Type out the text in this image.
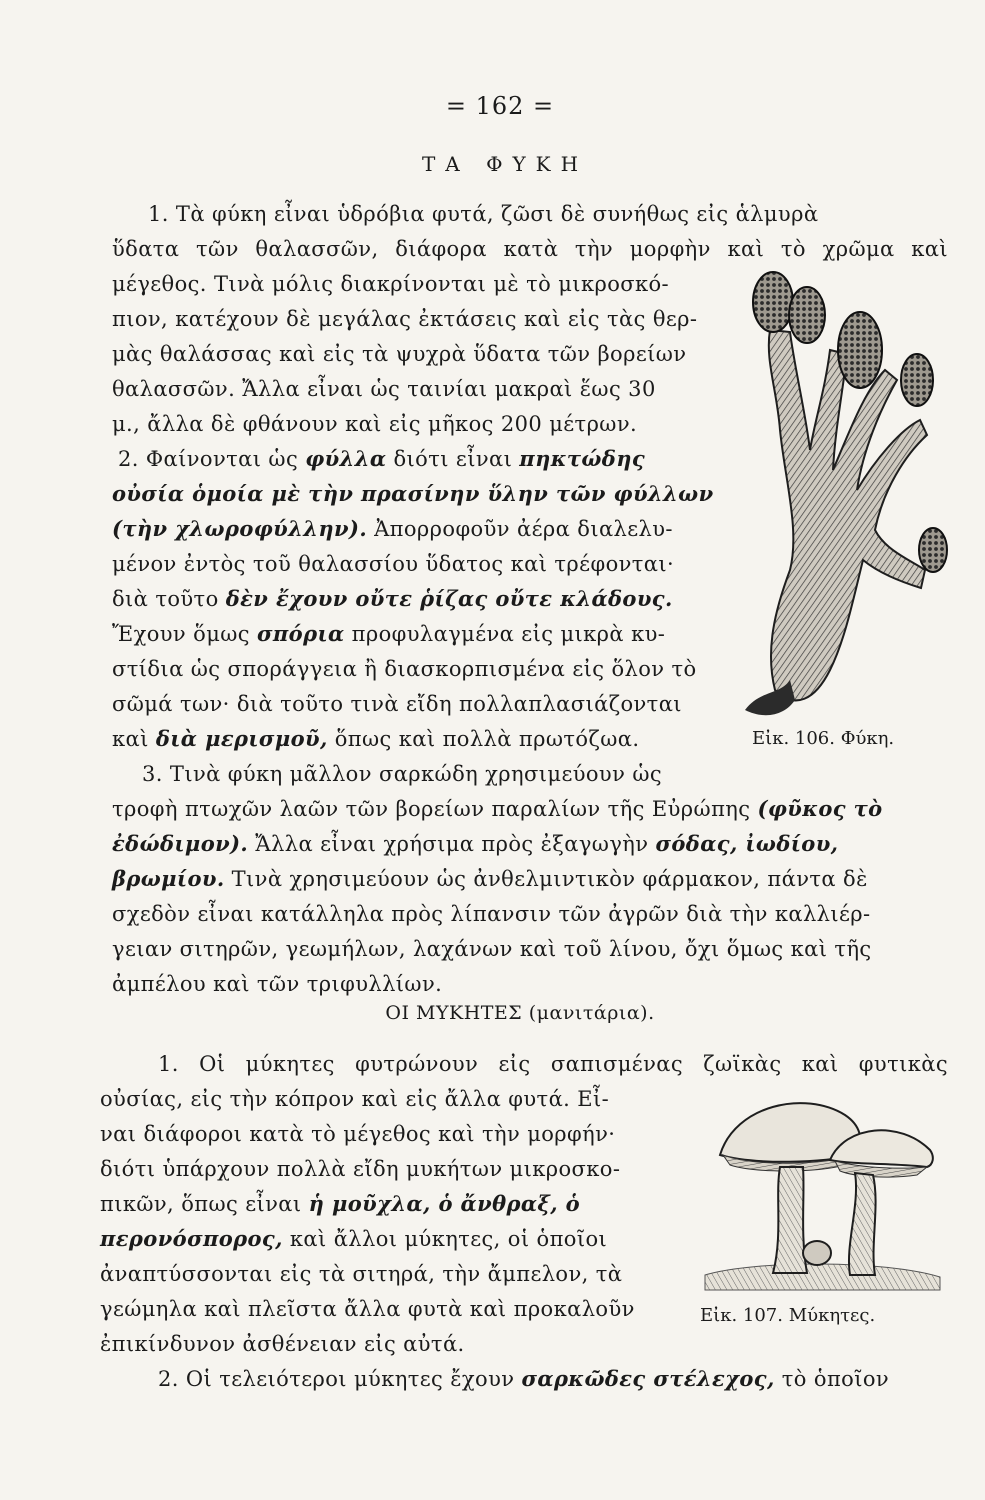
= 162 =
ΤΑ ΦΥΚΗ

1. Τὰ φύκη εἶναι ὑδρόβια φυτά, ζῶσι δὲ συνήθως εἰς ἁλμυρὰ

ὕδατα τῶν θαλασσῶν, διάφορα κατὰ τὴν μορφὴν καὶ τὸ χρῶμα καὶ

μέγεθος. Τινὰ μόλις διακρίνονται μὲ τὸ μικροσκό-

πιον, κατέχουν δὲ μεγάλας ἐκτάσεις καὶ εἰς τὰς θερ-

μὰς θαλάσσας καὶ εἰς τὰ ψυχρὰ ὕδατα τῶν βορείων

θαλασσῶν. Ἄλλα εἶναι ὡς ταινίαι μακραὶ ἕως 30

μ., ἄλλα δὲ φθάνουν καὶ εἰς μῆκος 200 μέτρων.

2. Φαίνονται ὡς φύλλα διότι εἶναι πηκτώδης

οὐσία ὁμοία μὲ τὴν πρασίνην ὕλην τῶν φύλλων

(τὴν χλωροφύλλην). Ἀπορροφοῦν ἀέρα διαλελυ-

μένον ἐντὸς τοῦ θαλασσίου ὕδατος καὶ τρέφονται·

διὰ τοῦτο δὲν ἔχουν οὔτε ῥίζας οὔτε κλάδους.

Ἔχουν ὅμως σπόρια προφυλαγμένα εἰς μικρὰ κυ-

στίδια ὡς σποράγγεια ἢ διασκορπισμένα εἰς ὅλον τὸ

σῶμά των· διὰ τοῦτο τινὰ εἴδη πολλαπλασιάζονται

καὶ διὰ μερισμοῦ, ὅπως καὶ πολλὰ πρωτόζωα.

3. Τινὰ φύκη μᾶλλον σαρκώδη χρησιμεύουν ὡς

τροφὴ πτωχῶν λαῶν τῶν βορείων παραλίων τῆς Εὐρώπης (φῦκος τὸ

ἐδώδιμον). Ἄλλα εἶναι χρήσιμα πρὸς ἐξαγωγὴν σόδας, ἰωδίου,

βρωμίου. Τινὰ χρησιμεύουν ὡς ἀνθελμιντικὸν φάρμακον, πάντα δὲ

σχεδὸν εἶναι κατάλληλα πρὸς λίπανσιν τῶν ἀγρῶν διὰ τὴν καλλιέρ-

γειαν σιτηρῶν, γεωμήλων, λαχάνων καὶ τοῦ λίνου, ὄχι ὅμως καὶ τῆς

ἀμπέλου καὶ τῶν τριφυλλίων.

Εἰκ. 106. Φύκη.
ΟΙ ΜΥΚΗΤΕΣ (μανιτάρια).

1. Οἱ μύκητες φυτρώνουν εἰς σαπισμένας ζωϊκὰς καὶ φυτικὰς

οὐσίας, εἰς τὴν κόπρον καὶ εἰς ἄλλα φυτά. Εἶ-

ναι διάφοροι κατὰ τὸ μέγεθος καὶ τὴν μορφήν·

διότι ὑπάρχουν πολλὰ εἴδη μυκήτων μικροσκο-

πικῶν, ὅπως εἶναι ἡ μοῦχλα, ὁ ἄνθραξ, ὁ

περονόσπορος, καὶ ἄλλοι μύκητες, οἱ ὁποῖοι

ἀναπτύσσονται εἰς τὰ σιτηρά, τὴν ἄμπελον, τὰ

γεώμηλα καὶ πλεῖστα ἄλλα φυτὰ καὶ προκαλοῦν

ἐπικίνδυνον ἀσθένειαν εἰς αὐτά.

2. Οἱ τελειότεροι μύκητες ἔχουν σαρκῶδες στέλεχος, τὸ ὁποῖον

Εἰκ. 107. Μύκητες.
